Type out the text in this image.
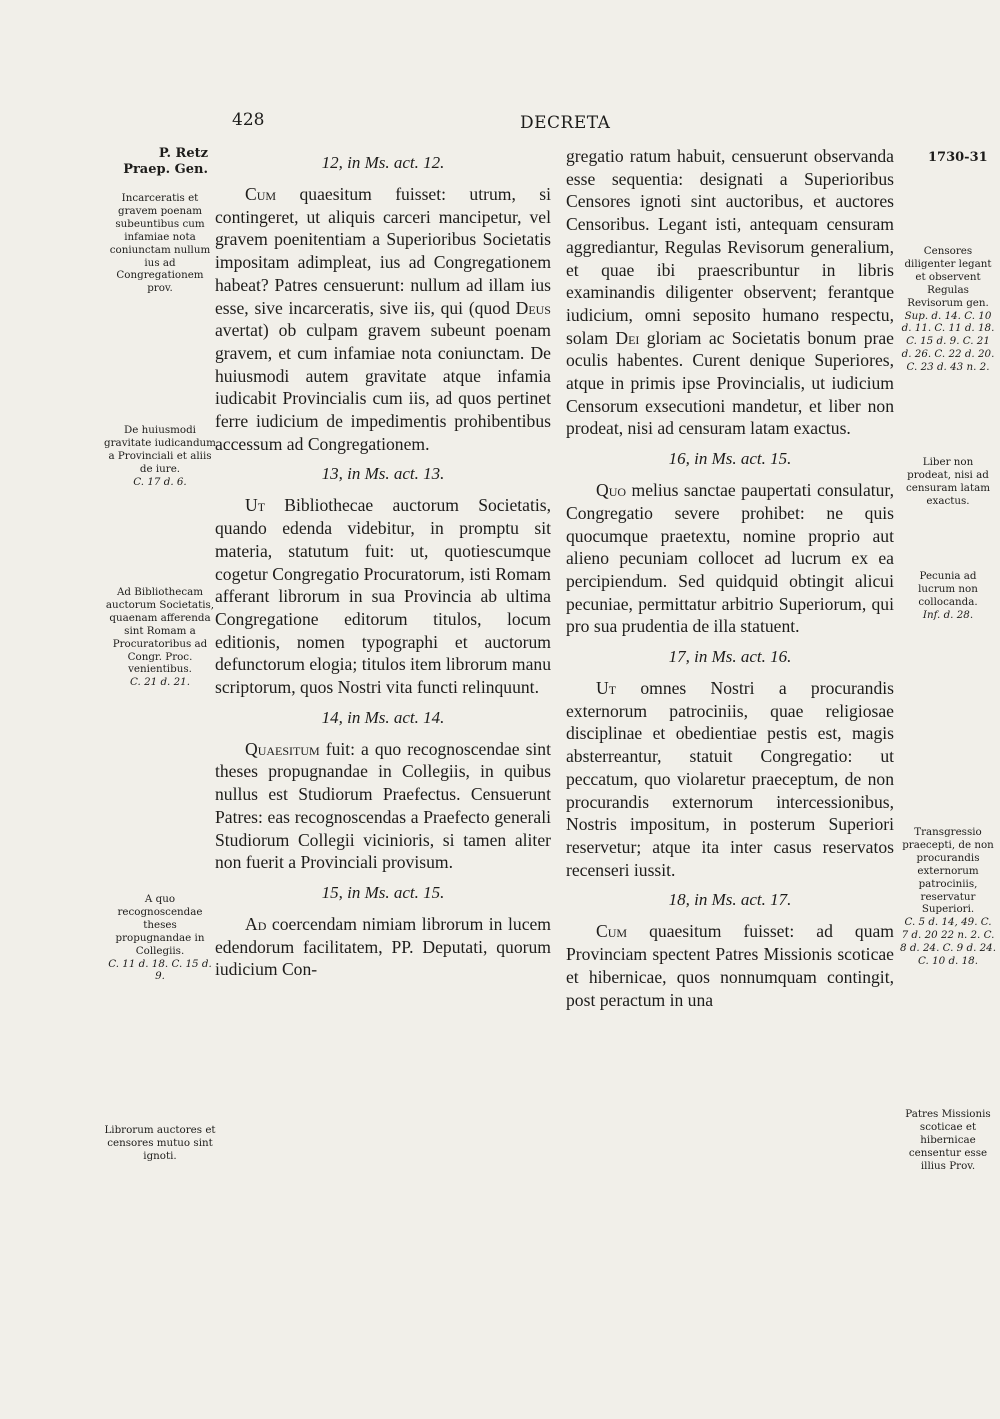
428	DECRETA
P. Retz
Praep. Gen.
1730-31
12, in Ms. act. 12.

Cum quaesitum fuisset: utrum, si contingeret, ut aliquis carceri mancipetur, vel gravem poenitentiam a Superioribus Societatis impositam adimpleat, ius ad Congregationem habeat? Patres censuerunt: nullum ad illam ius esse, sive incarceratis, sive iis, qui (quod Deus avertat) ob culpam gravem subeunt poenam gravem, et cum infamiae nota coniunctam. De huiusmodi autem gravitate atque infamia iudicabit Provincialis cum iis, ad quos pertinet ferre iudicium de impedimentis prohibentibus accessum ad Congregationem.

13, in Ms. act. 13.

Ut Bibliothecae auctorum Societatis, quando edenda videbitur, in promptu sit materia, statutum fuit: ut, quotiescumque cogetur Congregatio Procuratorum, isti Romam afferant librorum in sua Provincia ab ultima Congregatione editorum titulos, locum editionis, nomen typographi et auctorum defunctorum elogia; titulos item librorum manu scriptorum, quos Nostri vita functi relinquunt.

14, in Ms. act. 14.

Quaesitum fuit: a quo recognoscendae sint theses propugnandae in Collegiis, in quibus nullus est Studiorum Praefectus. Censuerunt Patres: eas recognoscendas a Praefecto generali Studiorum Collegii vicinioris, si tamen aliter non fuerit a Provinciali provisum.

15, in Ms. act. 15.

Ad coercendam nimiam librorum in lucem edendorum facilitatem, PP. Deputati, quorum iudicium Con-

gregatio ratum habuit, censuerunt observanda esse sequentia: designati a Superioribus Censores ignoti sint auctoribus, et auctores Censoribus. Legant isti, antequam censuram aggrediantur, Regulas Revisorum generalium, et quae ibi praescribuntur in libris examinandis diligenter observent; ferantque iudicium, omni seposito humano respectu, solam Dei gloriam ac Societatis bonum prae oculis habentes. Curent denique Superiores, atque in primis ipse Provincialis, ut iudicium Censorum exsecutioni mandetur, et liber non prodeat, nisi ad censuram latam exactus.

16, in Ms. act. 15.

Quo melius sanctae paupertati consulatur, Congregatio severe prohibet: ne quis quocumque praetextu, nomine proprio aut alieno pecuniam collocet ad lucrum ex ea percipiendum. Sed quidquid obtingit alicui pecuniae, permittatur arbitrio Superiorum, qui pro sua prudentia de illa statuent.

17, in Ms. act. 16.

Ut omnes Nostri a procurandis externorum patrociniis, quae religiosae disciplinae et obedientiae pestis est, magis absterreantur, statuit Congregatio: ut peccatum, quo violaretur praeceptum, de non procurandis externorum intercessionibus, Nostris impositum, in posterum Superiori reservetur; atque ita inter casus reservatos recenseri iussit.

18, in Ms. act. 17.

Cum quaesitum fuisset: ad quam Provinciam spectent Patres Missionis scoticae et hibernicae, quos nonnumquam contingit, post peractum in una

Incarceratis et gravem poenam subeuntibus cum infamiae nota coniunctam nullum ius ad Congregationem prov.
De huiusmodi gravitate iudicandum a Provinciali et aliis de iure.
C. 17 d. 6.
Ad Bibliothecam auctorum Societatis, quaenam afferenda sint Romam a Procuratoribus ad Congr. Proc. venientibus.
C. 21 d. 21.
A quo recognoscendae theses propugnandae in Collegiis.
C. 11 d. 18. C. 15 d. 9.
Librorum auctores et censores mutuo sint ignoti.
Censores diligenter legant et observent Regulas Revisorum gen.
Sup. d. 14. C. 10 d. 11. C. 11 d. 18. C. 15 d. 9. C. 21 d. 26. C. 22 d. 20. C. 23 d. 43 n. 2.
Liber non prodeat, nisi ad censuram latam exactus.
Pecunia ad lucrum non collocanda.
Inf. d. 28.
Transgressio praecepti, de non procurandis externorum patrociniis, reservatur Superiori.
C. 5 d. 14, 49. C. 7 d. 20 22 n. 2. C. 8 d. 24. C. 9 d. 24. C. 10 d. 18.
Patres Missionis scoticae et hibernicae censentur esse illius Prov.
